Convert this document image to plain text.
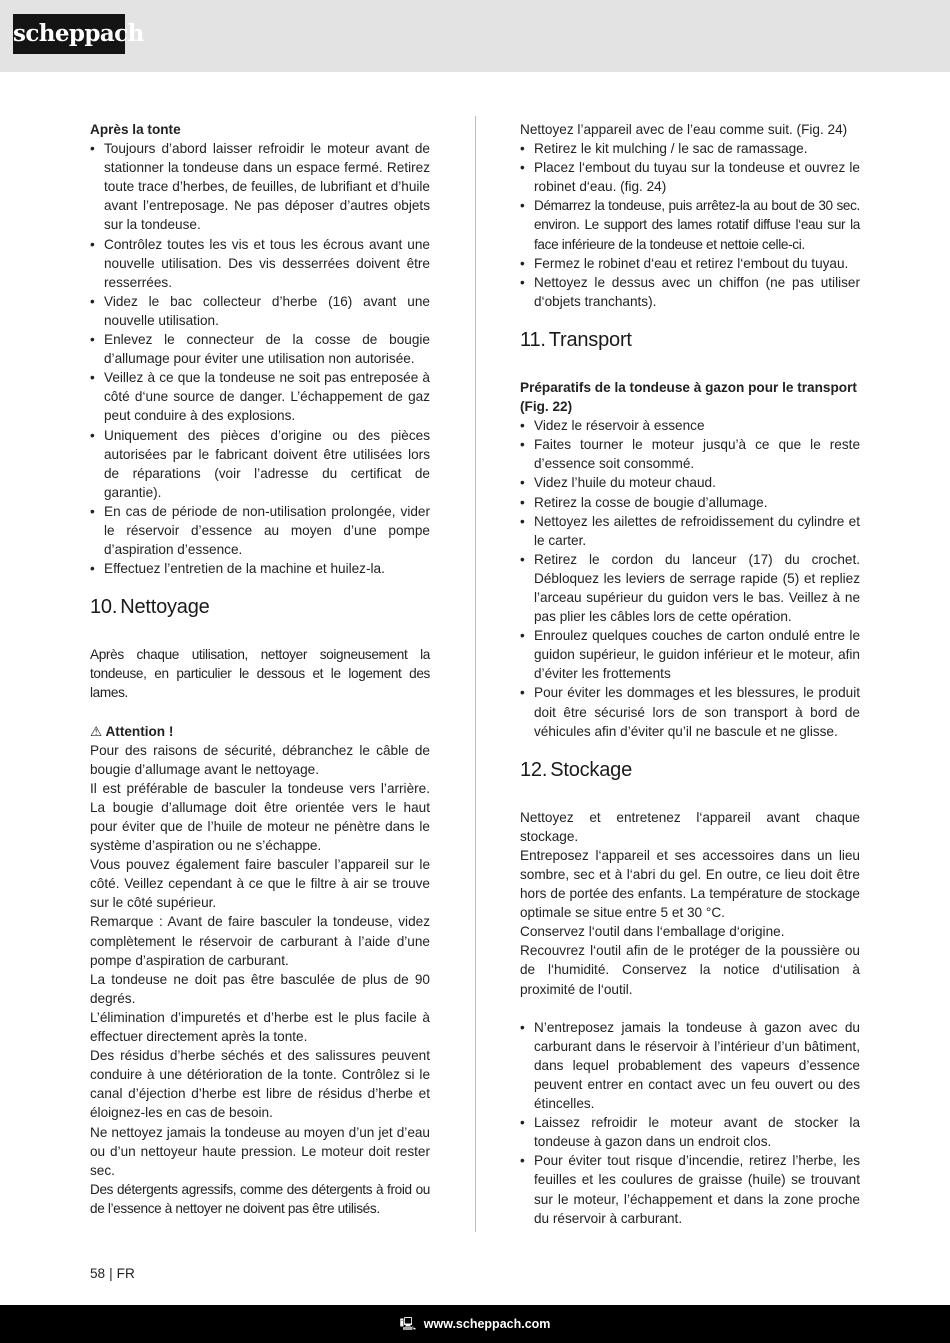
scheppach

Après la tonte

• Toujours d’abord laisser refroidir le moteur avant de stationner la tondeuse dans un espace fermé. Retirez toute trace d’herbes, de feuilles, de lubrifiant et d’huile avant l’entreposage. Ne pas déposer d’autres objets sur la tondeuse.
• Contrôlez toutes les vis et tous les écrous avant une nouvelle utilisation. Des vis desserrées doivent être resserrées.
• Videz le bac collecteur d’herbe (16) avant une nouvelle utilisation.
• Enlevez le connecteur de la cosse de bougie d’allumage pour éviter une utilisation non autorisée.
• Veillez à ce que la tondeuse ne soit pas entreposée à côté d‘une source de danger. L’échappement de gaz peut conduire à des explosions.
• Uniquement des pièces d’origine ou des pièces autorisées par le fabricant doivent être utilisées lors de réparations (voir l’adresse du certificat de garantie).
• En cas de période de non-utilisation prolongée, vider le réservoir d’essence au moyen d’une pompe d’aspiration d’essence.
• Effectuez l’entretien de la machine et huilez-la.
10. Nettoyage

Après chaque utilisation, nettoyer soigneusement la tondeuse, en particulier le dessous et le logement des lames.

⚠ Attention !

Pour des raisons de sécurité, débranchez le câble de bougie d’allumage avant le nettoyage.

Il est préférable de basculer la tondeuse vers l’arrière. La bougie d’allumage doit être orientée vers le haut pour éviter que de l’huile de moteur ne pénètre dans le système d’aspiration ou ne s’échappe.

Vous pouvez également faire basculer l’appareil sur le côté. Veillez cependant à ce que le filtre à air se trouve sur le côté supérieur.

Remarque : Avant de faire basculer la tondeuse, videz complètement le réservoir de carburant à l’aide d’une pompe d’aspiration de carburant.

La tondeuse ne doit pas être basculée de plus de 90 degrés.

L’élimination d’impuretés et d’herbe est le plus facile à effectuer directement après la tonte.

Des résidus d’herbe séchés et des salissures peuvent conduire à une détérioration de la tonte. Contrôlez si le canal d’éjection d’herbe est libre de résidus d’herbe et éloignez-les en cas de besoin.

Ne nettoyez jamais la tondeuse au moyen d’un jet d’eau ou d’un nettoyeur haute pression. Le moteur doit rester sec.

Des détergents agressifs, comme des détergents à froid ou de l’essence à nettoyer ne doivent pas être utilisés.

Nettoyez l’appareil avec de l’eau comme suit. (Fig. 24)

• Retirez le kit mulching / le sac de ramassage.
• Placez l‘embout du tuyau sur la tondeuse et ouvrez le robinet d‘eau. (fig. 24)
• Démarrez la tondeuse, puis arrêtez-la au bout de 30 sec. environ. Le support des lames rotatif diffuse l‘eau sur la face inférieure de la tondeuse et nettoie celle-ci.
• Fermez le robinet d‘eau et retirez l‘embout du tuyau.
• Nettoyez le dessus avec un chiffon (ne pas utiliser d‘objets tranchants).
11. Transport

Préparatifs de la tondeuse à gazon pour le transport (Fig. 22)

• Videz le réservoir à essence
• Faites tourner le moteur jusqu’à ce que le reste d’essence soit consommé.
• Videz l’huile du moteur chaud.
• Retirez la cosse de bougie d’allumage.
• Nettoyez les ailettes de refroidissement du cylindre et le carter.
• Retirez le cordon du lanceur (17) du crochet. Débloquez les leviers de serrage rapide (5) et repliez l’arceau supérieur du guidon vers le bas. Veillez à ne pas plier les câbles lors de cette opération.
• Enroulez quelques couches de carton ondulé entre le guidon supérieur, le guidon inférieur et le moteur, afin d’éviter les frottements
• Pour éviter les dommages et les blessures, le produit doit être sécurisé lors de son transport à bord de véhicules afin d’éviter qu’il ne bascule et ne glisse.
12. Stockage

Nettoyez et entretenez l‘appareil avant chaque stockage.

Entreposez l‘appareil et ses accessoires dans un lieu sombre, sec et à l‘abri du gel. En outre, ce lieu doit être hors de portée des enfants. La température de stockage optimale se situe entre 5 et 30 °C.

Conservez l‘outil dans l‘emballage d‘origine.

Recouvrez l‘outil afin de le protéger de la poussière ou de l‘humidité. Conservez la notice d‘utilisation à proximité de l‘outil.

• N’entreposez jamais la tondeuse à gazon avec du carburant dans le réservoir à l’intérieur d’un bâtiment, dans lequel probablement des vapeurs d’essence peuvent entrer en contact avec un feu ouvert ou des étincelles.
• Laissez refroidir le moteur avant de stocker la tondeuse à gazon dans un endroit clos.
• Pour éviter tout risque d’incendie, retirez l’herbe, les feuilles et les coulures de graisse (huile) se trouvant sur le moteur, l’échappement et dans la zone proche du réservoir à carburant.
58 | FR
🖳 www.scheppach.com
